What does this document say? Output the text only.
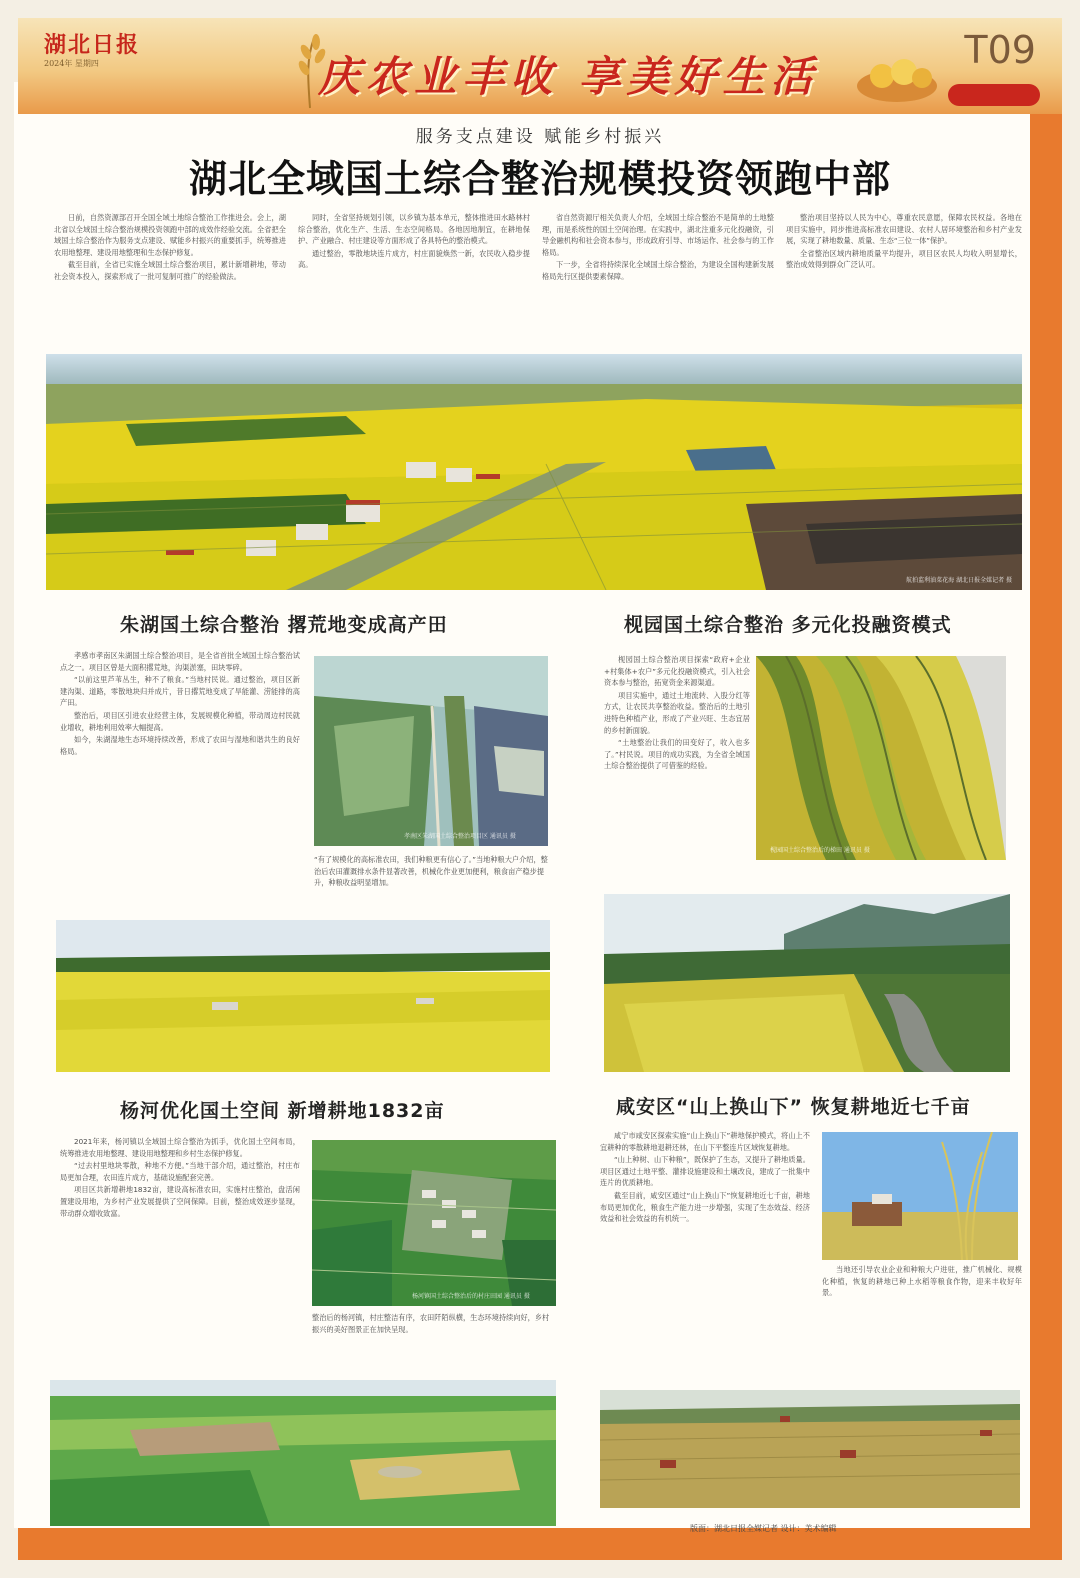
湖北日报
2024年 星期四	庆农业丰收 享美好生活
T09
服务支点建设 赋能乡村振兴
湖北全域国土综合整治规模投资领跑中部

日前，自然资源部召开全国全域土地综合整治工作推进会。会上，湖北省以全域国土综合整治规模投资领跑中部的成效作经验交流。全省把全域国土综合整治作为服务支点建设、赋能乡村振兴的重要抓手，统筹推进农用地整理、建设用地整理和生态保护修复。

截至目前，全省已实施全域国土综合整治项目，累计新增耕地，带动社会资本投入，探索形成了一批可复制可推广的经验做法。

同时，全省坚持规划引领，以乡镇为基本单元，整体推进田水路林村综合整治，优化生产、生活、生态空间格局。各地因地制宜，在耕地保护、产业融合、村庄建设等方面形成了各具特色的整治模式。

通过整治，零散地块连片成方，村庄面貌焕然一新，农民收入稳步提高。

省自然资源厅相关负责人介绍，全域国土综合整治不是简单的土地整理，而是系统性的国土空间治理。在实践中，湖北注重多元化投融资，引导金融机构和社会资本参与，形成政府引导、市场运作、社会参与的工作格局。

下一步，全省将持续深化全域国土综合整治，为建设全国构建新发展格局先行区提供要素保障。

整治项目坚持以人民为中心，尊重农民意愿，保障农民权益。各地在项目实施中，同步推进高标准农田建设、农村人居环境整治和乡村产业发展，实现了耕地数量、质量、生态“三位一体”保护。

全省整治区域内耕地质量平均提升，项目区农民人均收入明显增长，整治成效得到群众广泛认可。

航拍监利油菜花海 湖北日报全媒记者 摄
朱湖国土综合整治 撂荒地变成高产田

孝感市孝南区朱湖国土综合整治项目，是全省首批全域国土综合整治试点之一。项目区曾是大面积撂荒地，沟渠淤塞，田块零碎。

“以前这里芦苇丛生，种不了粮食。”当地村民说。通过整治，项目区新建沟渠、道路，零散地块归并成片，昔日撂荒地变成了旱能灌、涝能排的高产田。

整治后，项目区引进农业经营主体，发展规模化种植，带动周边村民就业增收，耕地利用效率大幅提高。

如今，朱湖湿地生态环境持续改善，形成了农田与湿地和谐共生的良好格局。

孝南区朱湖国土综合整治项目区 通讯员 摄
“有了规模化的高标准农田，我们种粮更有信心了。”当地种粮大户介绍，整治后农田灌溉排水条件显著改善，机械化作业更加便利，粮食亩产稳步提升，种粮收益明显增加。
枧园国土综合整治 多元化投融资模式

枧园国土综合整治项目探索“政府+企业+村集体+农户”多元化投融资模式，引入社会资本参与整治，拓宽资金来源渠道。

项目实施中，通过土地流转、入股分红等方式，让农民共享整治收益。整治后的土地引进特色种植产业，形成了产业兴旺、生态宜居的乡村新面貌。

“土地整治让我们的田变好了，收入也多了。”村民说。项目的成功实践，为全省全域国土综合整治提供了可借鉴的经验。

枧园国土综合整治后的梯田 通讯员 摄
杨河优化国土空间 新增耕地1832亩

2021年来，杨河镇以全域国土综合整治为抓手，优化国土空间布局，统筹推进农用地整理、建设用地整理和乡村生态保护修复。

“过去村里地块零散，种地不方便。”当地干部介绍，通过整治，村庄布局更加合理，农田连片成方，基础设施配套完善。

项目区共新增耕地1832亩，建设高标准农田，实施村庄整治，盘活闲置建设用地，为乡村产业发展提供了空间保障。目前，整治成效逐步显现，带动群众增收致富。

杨河镇国土综合整治后的村庄田园 通讯员 摄
整治后的杨河镇，村庄整洁有序，农田阡陌纵横，生态环境持续向好，乡村振兴的美好图景正在加快呈现。
咸安区“山上换山下” 恢复耕地近七千亩

咸宁市咸安区探索实施“山上换山下”耕地保护模式，将山上不宜耕种的零散耕地退耕还林，在山下平整连片区域恢复耕地。

“山上种树、山下种粮”，既保护了生态，又提升了耕地质量。项目区通过土地平整、灌排设施建设和土壤改良，建成了一批集中连片的优质耕地。

截至目前，咸安区通过“山上换山下”恢复耕地近七千亩，耕地布局更加优化，粮食生产能力进一步增强，实现了生态效益、经济效益和社会效益的有机统一。

当地还引导农业企业和种粮大户进驻，推广机械化、规模化种植，恢复的耕地已种上水稻等粮食作物，迎来丰收好年景。

版面：湖北日报全媒记者 设计：美术编辑
